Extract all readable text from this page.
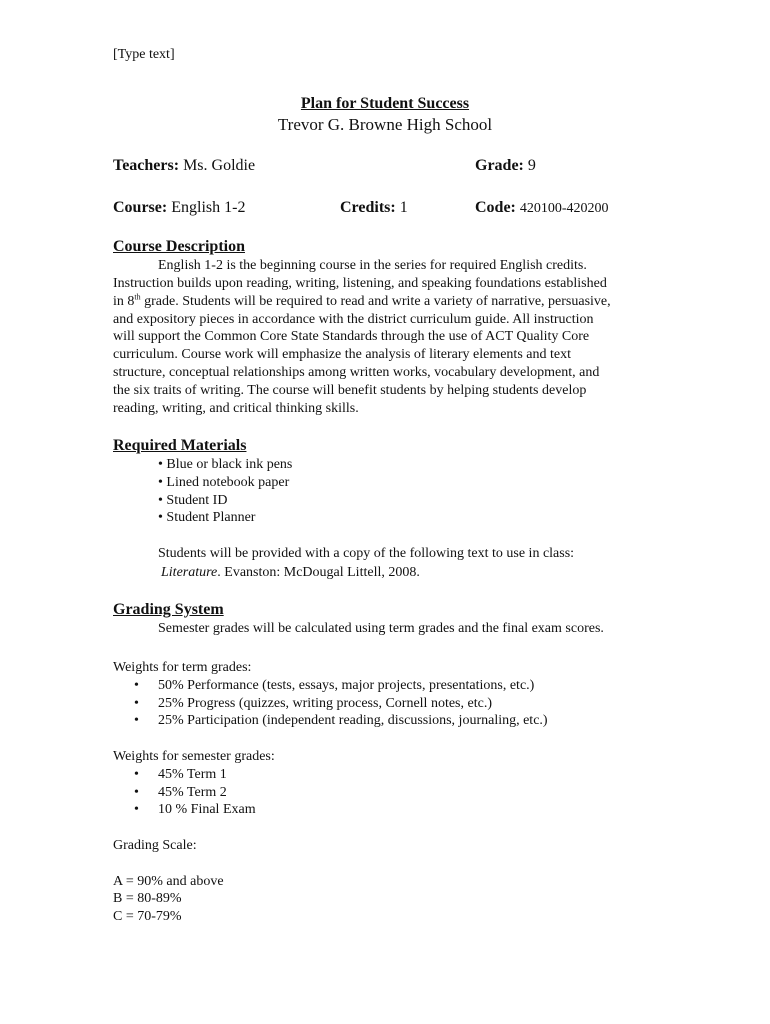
[Type text]
Plan for Student Success
Trevor G. Browne High School
Teachers: Ms. Goldie	Grade: 9
Course: English 1-2	Credits: 1	Code: 420100-420200
Course Description
English 1-2 is the beginning course in the series for required English credits.
Instruction builds upon reading, writing, listening, and speaking foundations established
in 8th grade. Students will be required to read and write a variety of narrative, persuasive,
and expository pieces in accordance with the district curriculum guide. All instruction
will support the Common Core State Standards through the use of ACT Quality Core
curriculum. Course work will emphasize the analysis of literary elements and text
structure, conceptual relationships among written works, vocabulary development, and
the six traits of writing. The course will benefit students by helping students develop
reading, writing, and critical thinking skills.
Required Materials
• Blue or black ink pens
• Lined notebook paper
• Student ID
• Student Planner
Students will be provided with a copy of the following text to use in class:
Literature. Evanston: McDougal Littell, 2008.
Grading System
Semester grades will be calculated using term grades and the final exam scores.
Weights for term grades:
• 50% Performance (tests, essays, major projects, presentations, etc.)
• 25% Progress (quizzes, writing process, Cornell notes, etc.)
• 25% Participation (independent reading, discussions, journaling, etc.)
Weights for semester grades:
• 45% Term 1
• 45% Term 2
• 10 % Final Exam
Grading Scale:
A = 90% and above
B = 80-89%
C = 70-79%
